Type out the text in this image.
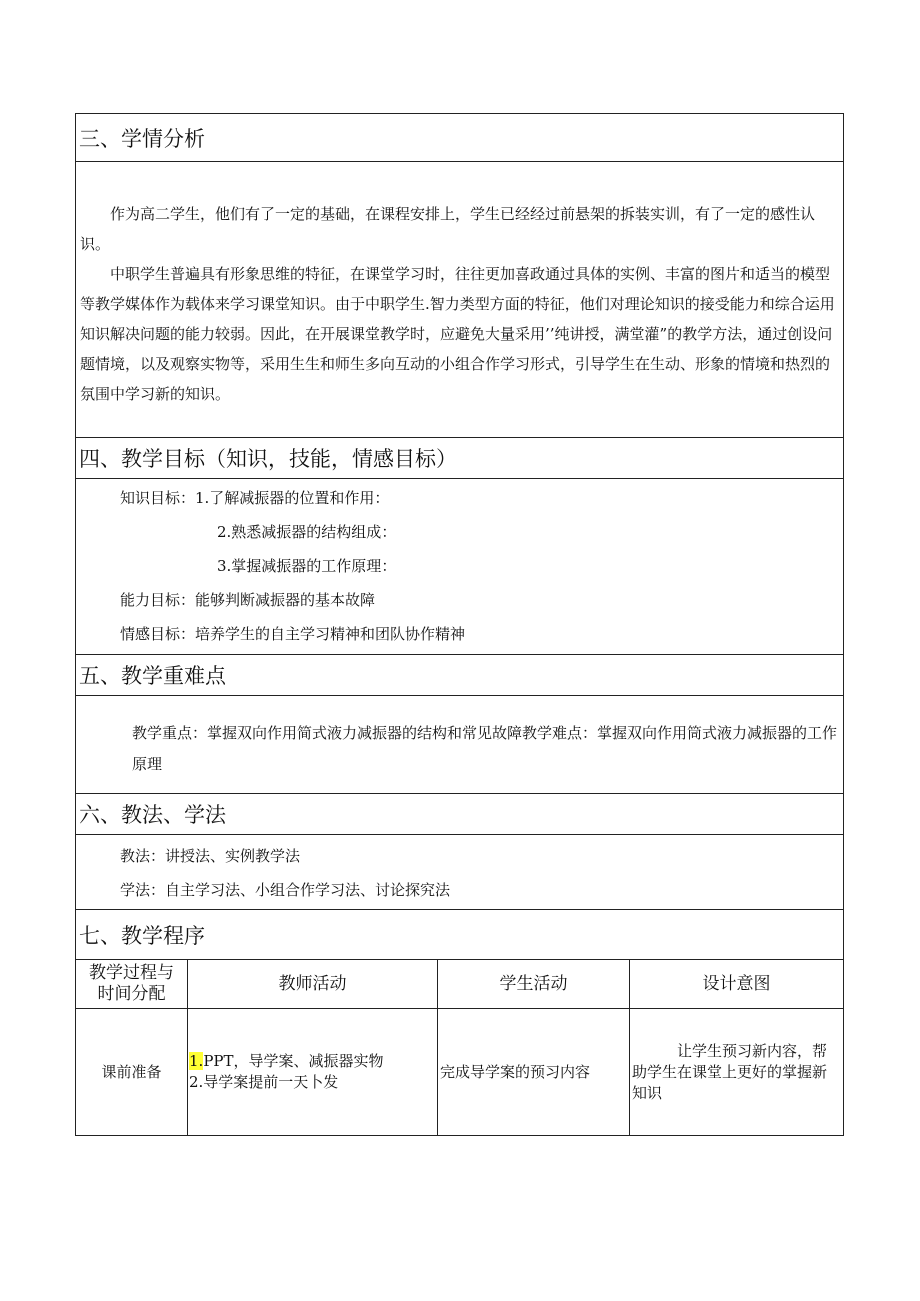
三、学情分析

作为高二学生，他们有了一定的基础，在课程安排上，学生已经经过前悬架的拆装实训，有了一定的感性认识。

中职学生普遍具有形象思维的特征，在课堂学习时，往往更加喜政通过具体的实例、丰富的图片和适当的模型等教学媒体作为载体来学习课堂知识。由于中职学生.智力类型方面的特征，他们对理论知识的接受能力和综合运用知识解决问题的能力较弱。因此，在开展课堂教学时，应避免大量采用’’纯讲授，满堂灌”的教学方法，通过创设问题情境，以及观察实物等，采用生生和师生多向互动的小组合作学习形式，引导学生在生动、形象的情境和热烈的氛围中学习新的知识。

四、教学目标（知识，技能，情感目标）
知识目标：1.了解减振器的位置和作用：
2.熟悉减振器的结构组成：
3.掌握减振器的工作原理：
能力目标：能够判断减振器的基本故障
情感目标：培养学生的自主学习精神和团队协作精神
五、教学重难点

教学重点：掌握双向作用简式液力减振器的结构和常见故障教学难点：掌握双向作用筒式液力减振器的工作原理

六、教法、学法
教法：讲授法、实例教学法
学法：自主学习法、小组合作学习法、讨论探究法
七、教学程序
教学过程与时间分配
教师活动	学生活动	设计意图
课前准备
1.PPT，导学案、减振器实物
2.导学案提前一天卜发
完成导学案的预习内容

让学生预习新内容，帮助学生在课堂上更好的掌握新知识
